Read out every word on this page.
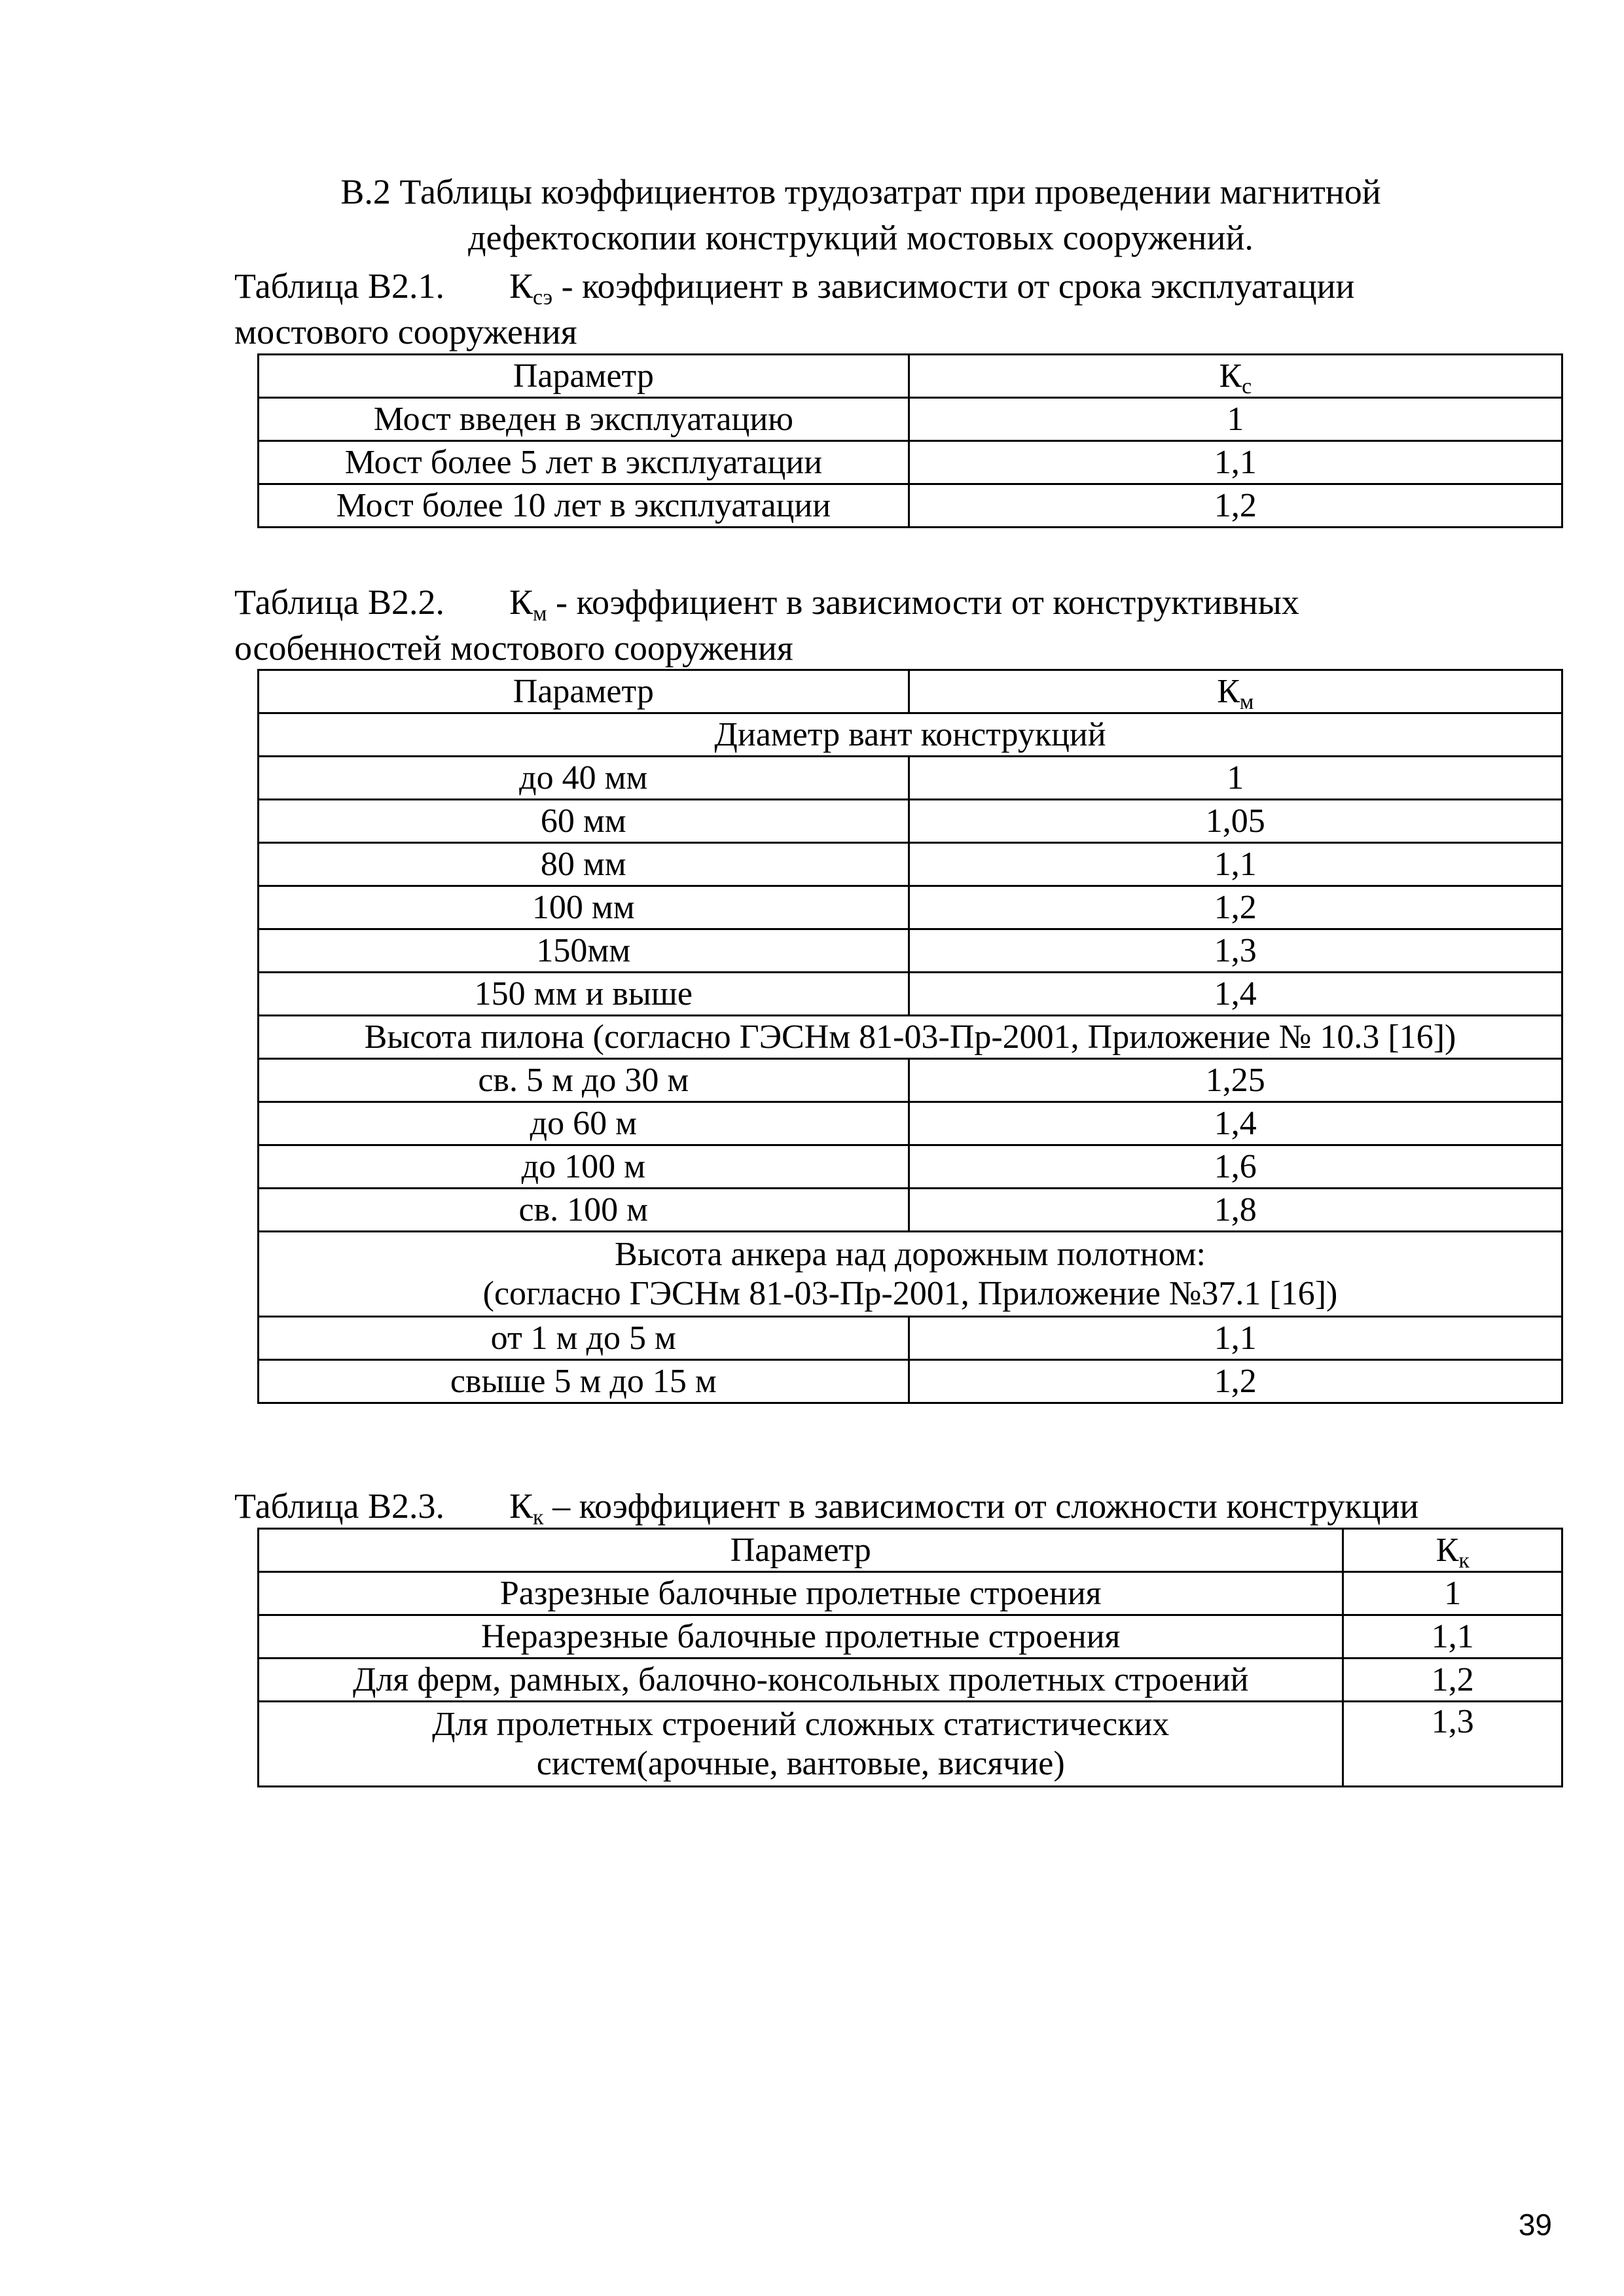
В.2 Таблицы коэффициентов трудозатрат при проведении магнитной
дефектоскопии конструкций мостовых сооружений.
Таблица В2.1. $К_{сэ}$ - коэффициент в зависимости от срока эксплуатации
мостового сооружения
Параметр	$К_с$
Мост введен в эксплуатацию	1
Мост более 5 лет в эксплуатации	1,1
Мост более 10 лет в эксплуатации	1,2
Таблица В2.2. $К_м$ - коэффициент в зависимости от конструктивных
особенностей мостового сооружения
Параметр	$К_м$
Диаметр вант конструкций	
до 40 мм	1
60 мм	1,05
80 мм	1,1
100 мм	1,2
150мм	1,3
150 мм и выше	1,4
Высота пилона (согласно ГЭСНм 81-03-Пр-2001, Приложение № 10.3 [16])	
св. 5 м до 30 м	1,25
до 60 м	1,4
до 100 м	1,6
св. 100 м	1,8

Высота анкера над дорожным полотном:
(согласно ГЭСНм 81-03-Пр-2001, Приложение №37.1 [16])	

от 1 м до 5 м	1,1
свыше 5 м до 15 м	1,2
Таблица В2.3. $К_к$ – коэффициент в зависимости от сложности конструкции
Параметр	$К_к$
Разрезные балочные пролетные строения	1
Неразрезные балочные пролетные строения	1,1
Для ферм, рамных, балочно-консольных пролетных строений	1,2

Для пролетных строений сложных статистических
систем(арочные, вантовые, висячие)	1,3
39
